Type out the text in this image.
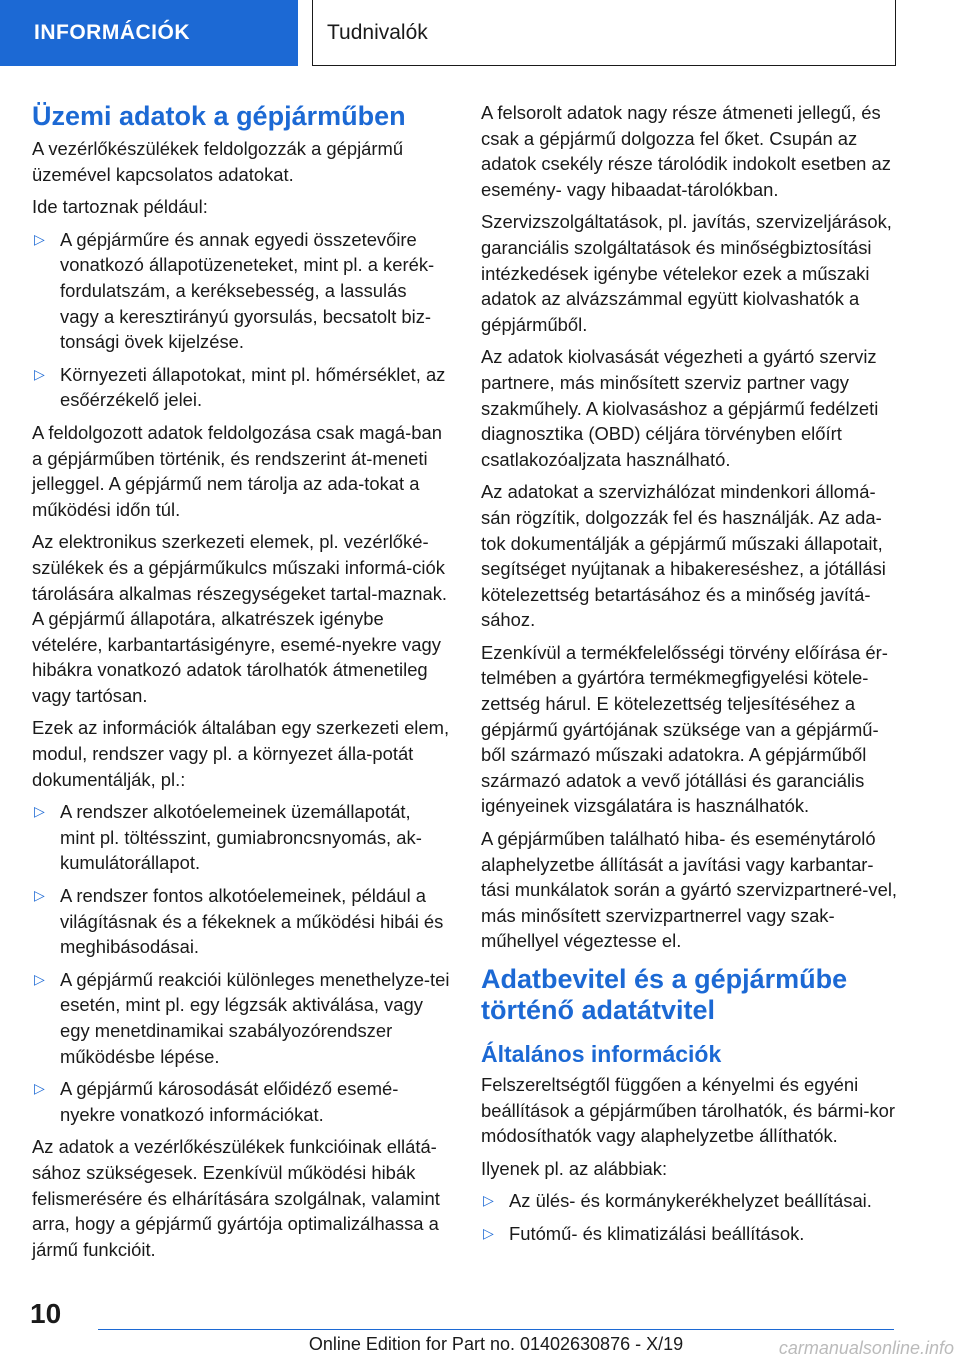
INFORMÁCIÓK	Tudnivalók
Üzemi adatok a gépjárműben

A vezérlőkészülékek feldolgozzák a gépjármű üzemével kapcsolatos adatokat.

Ide tartoznak például:

▷ A gépjárműre és annak egyedi összetevőire vonatkozó állapotüzeneteket, mint pl. a kerék-fordulatszám, a keréksebesség, a lassulás vagy a keresztirányú gyorsulás, becsatolt biz-tonsági övek kijelzése.
▷ Környezeti állapotokat, mint pl. hőmérséklet, az esőérzékelő jelei.

A feldolgozott adatok feldolgozása csak magá-ban a gépjárműben történik, és rendszerint át-meneti jelleggel. A gépjármű nem tárolja az ada-tokat a működési időn túl.

Az elektronikus szerkezeti elemek, pl. vezérlőké-szülékek és a gépjárműkulcs műszaki informá-ciók tárolására alkalmas részegységeket tartal-maznak. A gépjármű állapotára, alkatrészek igénybe vételére, karbantartásigényre, esemé-nyekre vagy hibákra vonatkozó adatok tárolhatók átmenetileg vagy tartósan.

Ezek az információk általában egy szerkezeti elem, modul, rendszer vagy pl. a környezet álla-potát dokumentálják, pl.:

▷ A rendszer alkotóelemeinek üzemállapotát, mint pl. töltésszint, gumiabroncsnyomás, ak-kumulátorállapot.
▷ A rendszer fontos alkotóelemeinek, például a világításnak és a fékeknek a működési hibái és meghibásodásai.
▷ A gépjármű reakciói különleges menethelyze-tei esetén, mint pl. egy légzsák aktiválása, vagy egy menetdinamikai szabályozórendszer működésbe lépése.
▷ A gépjármű károsodását előidéző esemé-nyekre vonatkozó információkat.

Az adatok a vezérlőkészülékek funkcióinak ellátá-sához szükségesek. Ezenkívül működési hibák felismerésére és elhárítására szolgálnak, valamint arra, hogy a gépjármű gyártója optimalizálhassa a jármű funkcióit.

A felsorolt adatok nagy része átmeneti jellegű, és csak a gépjármű dolgozza fel őket. Csupán az adatok csekély része tárolódik indokolt esetben az esemény- vagy hibaadat-tárolókban.

Szervizszolgáltatások, pl. javítás, szervizeljárások, garanciális szolgáltatások és minőségbiztosítási intézkedések igénybe vételekor ezek a műszaki adatok az alvázszámmal együtt kiolvashatók a gépjárműből.

Az adatok kiolvasását végezheti a gyártó szerviz partnere, más minősített szerviz partner vagy szakműhely. A kiolvasáshoz a gépjármű fedélzeti diagnosztika (OBD) céljára törvényben előírt csatlakozóaljzata használható.

Az adatokat a szervizhálózat mindenkori állomá-sán rögzítik, dolgozzák fel és használják. Az ada-tok dokumentálják a gépjármű műszaki állapotait, segítséget nyújtanak a hibakereséshez, a jótállási kötelezettség betartásához és a minőség javítá-sához.

Ezenkívül a termékfelelősségi törvény előírása ér-telmében a gyártóra termékmegfigyelési kötele-zettség hárul. E kötelezettség teljesítéséhez a gépjármű gyártójának szüksége van a gépjármű-ből származó műszaki adatokra. A gépjárműből származó adatok a vevő jótállási és garanciális igényeinek vizsgálatára is használhatók.

A gépjárműben található hiba- és eseménytároló alaphelyzetbe állítását a javítási vagy karbantar-tási munkálatok során a gyártó szervizpartneré-vel, más minősített szervizpartnerrel vagy szak-műhellyel végeztesse el.

Adatbevitel és a gépjárműbe történő adatátvitel
Általános információk

Felszereltségtől függően a kényelmi és egyéni beállítások a gépjárműben tárolhatók, és bármi-kor módosíthatók vagy alaphelyzetbe állíthatók.

Ilyenek pl. az alábbiak:

▷ Az ülés- és kormánykerékhelyzet beállításai.
▷ Futómű- és klimatizálási beállítások.
10
Online Edition for Part no. 01402630876 - X/19	carmanualsonline.info
